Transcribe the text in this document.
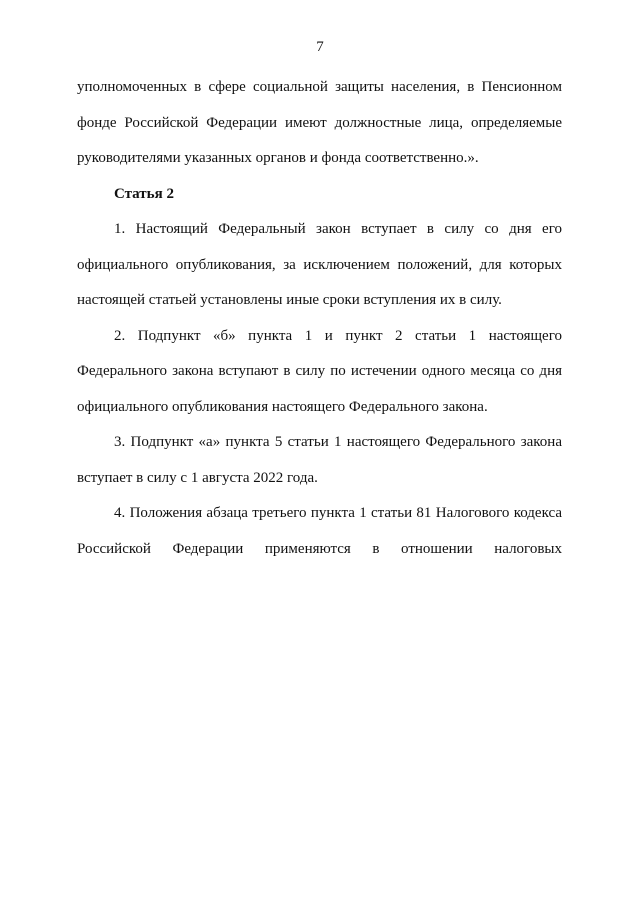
7

уполномоченных в сфере социальной защиты населения, в Пенсионном фонде Российской Федерации имеют должностные лица, определяемые руководителями указанных органов и фонда соответственно.».

Статья 2

1. Настоящий Федеральный закон вступает в силу со дня его официального опубликования, за исключением положений, для которых настоящей статьей установлены иные сроки вступления их в силу.

2. Подпункт «б» пункта 1 и пункт 2 статьи 1 настоящего Федерального закона вступают в силу по истечении одного месяца со дня официального опубликования настоящего Федерального закона.

3. Подпункт «а» пункта 5 статьи 1 настоящего Федерального закона вступает в силу с 1 августа 2022 года.

4. Положения абзаца третьего пункта 1 статьи 81 Налогового кодекса Российской Федерации применяются в отношении налоговых
